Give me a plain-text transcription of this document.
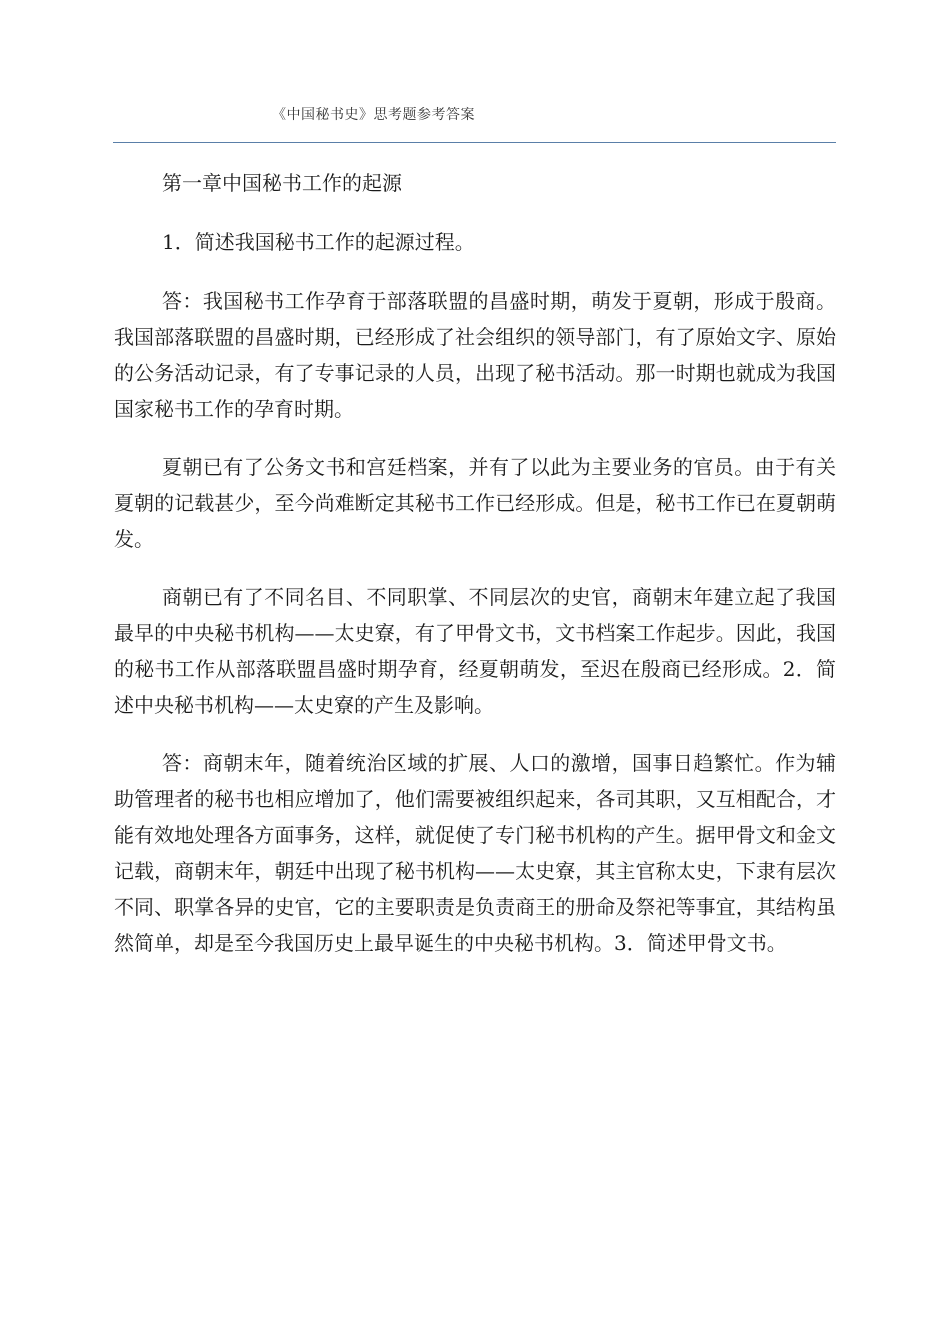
《中国秘书史》思考题参考答案

第一章中国秘书工作的起源

1．简述我国秘书工作的起源过程。

答：我国秘书工作孕育于部落联盟的昌盛时期，萌发于夏朝，形成于殷商。我国部落联盟的昌盛时期，已经形成了社会组织的领导部门，有了原始文字、原始的公务活动记录，有了专事记录的人员，出现了秘书活动。那一时期也就成为我国国家秘书工作的孕育时期。

夏朝已有了公务文书和宫廷档案，并有了以此为主要业务的官员。由于有关夏朝的记载甚少，至今尚难断定其秘书工作已经形成。但是，秘书工作已在夏朝萌发。

商朝已有了不同名目、不同职掌、不同层次的史官，商朝末年建立起了我国最早的中央秘书机构——太史寮，有了甲骨文书，文书档案工作起步。因此，我国的秘书工作从部落联盟昌盛时期孕育，经夏朝萌发，至迟在殷商已经形成。2．简述中央秘书机构——太史寮的产生及影响。

答：商朝末年，随着统治区域的扩展、人口的激增，国事日趋繁忙。作为辅助管理者的秘书也相应增加了，他们需要被组织起来，各司其职，又互相配合，才能有效地处理各方面事务，这样，就促使了专门秘书机构的产生。据甲骨文和金文记载，商朝末年，朝廷中出现了秘书机构——太史寮，其主官称太史，下隶有层次不同、职掌各异的史官，它的主要职责是负责商王的册命及祭祀等事宜，其结构虽然简单，却是至今我国历史上最早诞生的中央秘书机构。3．简述甲骨文书。
